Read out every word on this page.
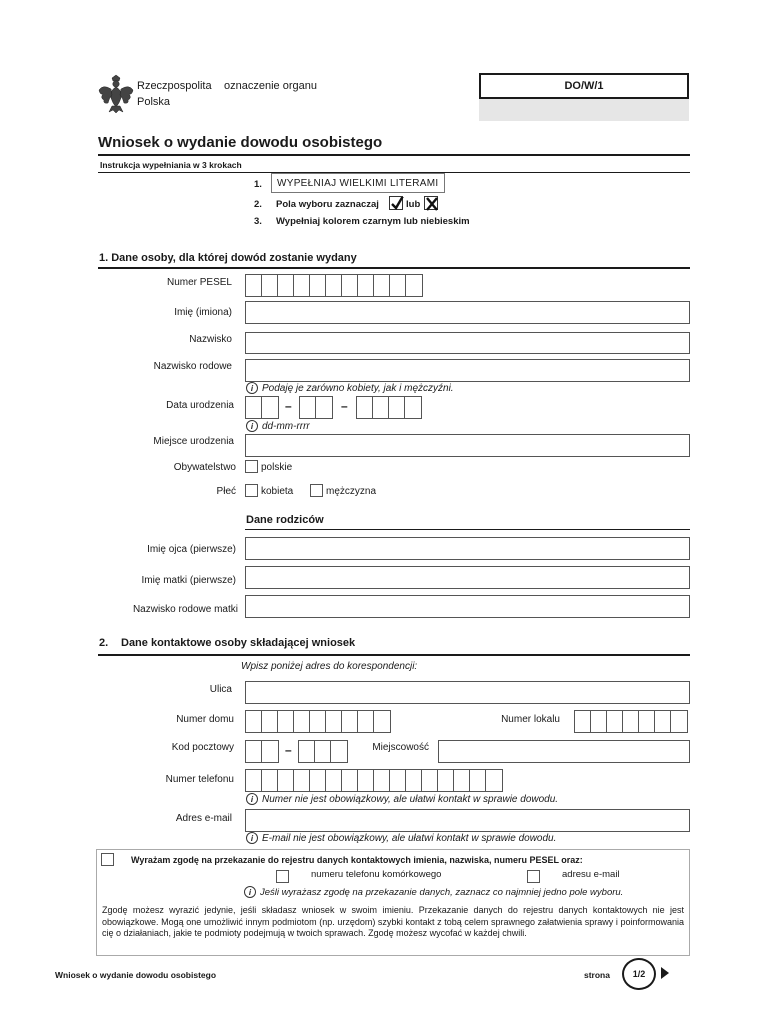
Rzeczpospolita
Polska
oznaczenie organu	DO/W/1
Wniosek o wydanie dowodu osobistego
Instrukcja wypełniania w 3 krokach
1. WYPEŁNIAJ WIELKIMI LITERAMI
2. Pola wyboru zaznaczaj	lub
3. Wypełniaj kolorem czarnym lub niebieskim
1. Dane osoby, dla której dowód zostanie wydany
Numer PESEL
Imię (imiona)
Nazwisko
Nazwisko rodowe
i Podaję je zarówno kobiety, jak i mężczyźni.
Data urodzenia	–	–
i dd-mm-rrrr
Miejsce urodzenia
Obywatelstwo	polskie
Płeć	kobieta	mężczyzna
Dane rodziców
Imię ojca (pierwsze)
Imię matki (pierwsze)
Nazwisko rodowe matki
2. Dane kontaktowe osoby składającej wniosek
Wpisz poniżej adres do korespondencji:
Ulica
Numer domu	Numer lokalu
Kod pocztowy	–	Miejscowość
Numer telefonu
i Numer nie jest obowiązkowy, ale ułatwi kontakt w sprawie dowodu.
Adres e-mail
i E-mail nie jest obowiązkowy, ale ułatwi kontakt w sprawie dowodu.
Wyrażam zgodę na przekazanie do rejestru danych kontaktowych imienia, nazwiska, numeru PESEL oraz:
numeru telefonu komórkowego	adresu e-mail
i Jeśli wyrażasz zgodę na przekazanie danych, zaznacz co najmniej jedno pole wyboru.
Zgodę możesz wyrazić jedynie, jeśli składasz wniosek w swoim imieniu. Przekazanie danych do rejestru danych kontaktowych nie jest obowiązkowe. Mogą one umożliwić innym podmiotom (np. urzędom) szybki kontakt z tobą celem sprawnego załatwienia sprawy i poinformowania cię o działaniach, jakie te podmioty podejmują w twoich sprawach. Zgodę możesz wycofać w każdej chwili.
Wniosek o wydanie dowodu osobistego	strona	1/2
